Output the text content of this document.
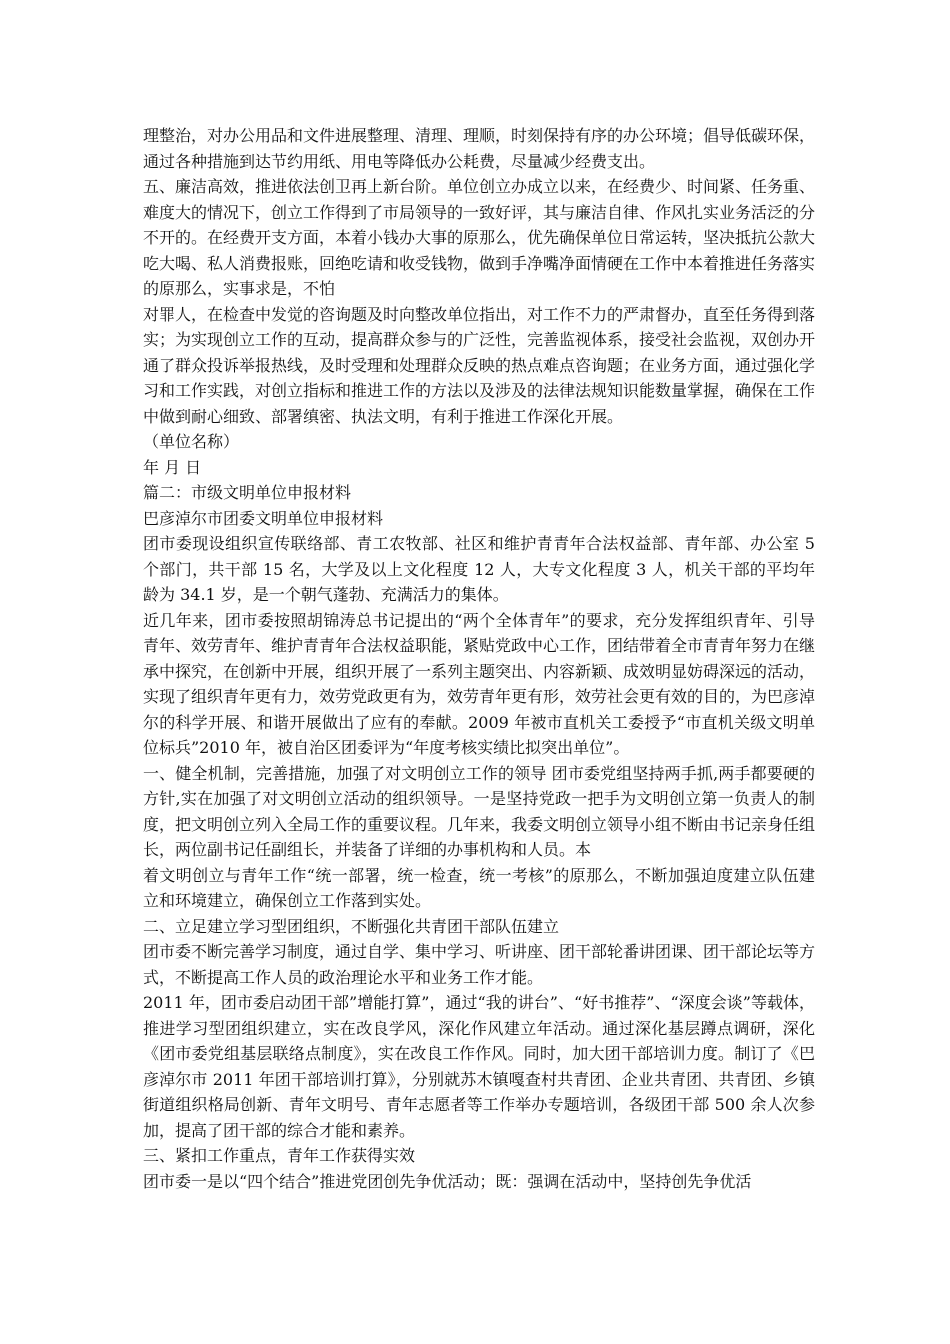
理整治，对办公用品和文件进展整理、清理、理顺，时刻保持有序的办公环境；倡导低碳环保，通过各种措施到达节约用纸、用电等降低办公耗费，尽量减少经费支出。

五、廉洁高效，推进依法创卫再上新台阶。单位创立办成立以来，在经费少、时间紧、任务重、难度大的情况下，创立工作得到了市局领导的一致好评，其与廉洁自律、作风扎实业务活泛的分不开的。在经费开支方面，本着小钱办大事的原那么，优先确保单位日常运转，坚决抵抗公款大吃大喝、私人消费报账，回绝吃请和收受钱物，做到手净嘴净面情硬在工作中本着推进任务落实的原那么，实事求是，不怕

对罪人，在检查中发觉的咨询题及时向整改单位指出，对工作不力的严肃督办，直至任务得到落实；为实现创立工作的互动，提高群众参与的广泛性，完善监视体系，接受社会监视，双创办开通了群众投诉举报热线，及时受理和处理群众反映的热点难点咨询题；在业务方面，通过强化学习和工作实践，对创立指标和推进工作的方法以及涉及的法律法规知识能数量掌握，确保在工作中做到耐心细致、部署缜密、执法文明，有利于推进工作深化开展。

（单位名称）

年 月 日

篇二：市级文明单位申报材料

巴彦淖尔市团委文明单位申报材料

团市委现设组织宣传联络部、青工农牧部、社区和维护青青年合法权益部、青年部、办公室 5 个部门，共干部 15 名，大学及以上文化程度 12 人，大专文化程度 3 人，机关干部的平均年龄为 34.1 岁，是一个朝气蓬勃、充满活力的集体。

近几年来，团市委按照胡锦涛总书记提出的“两个全体青年”的要求，充分发挥组织青年、引导青年、效劳青年、维护青青年合法权益职能，紧贴党政中心工作，团结带着全市青青年努力在继承中探究，在创新中开展，组织开展了一系列主题突出、内容新颖、成效明显妨碍深远的活动，实现了组织青年更有力，效劳党政更有为，效劳青年更有形，效劳社会更有效的目的，为巴彦淖尔的科学开展、和谐开展做出了应有的奉献。2009 年被市直机关工委授予“市直机关级文明单位标兵”2010 年，被自治区团委评为“年度考核实绩比拟突出单位”。

一、健全机制，完善措施，加强了对文明创立工作的领导 团市委党组坚持两手抓,两手都要硬的方针,实在加强了对文明创立活动的组织领导。一是坚持党政一把手为文明创立第一负责人的制度，把文明创立列入全局工作的重要议程。几年来，我委文明创立领导小组不断由书记亲身任组长，两位副书记任副组长，并装备了详细的办事机构和人员。本

着文明创立与青年工作“统一部署，统一检查，统一考核”的原那么，不断加强迫度建立队伍建立和环境建立，确保创立工作落到实处。

二、立足建立学习型团组织，不断强化共青团干部队伍建立

团市委不断完善学习制度，通过自学、集中学习、听讲座、团干部轮番讲团课、团干部论坛等方式，不断提高工作人员的政治理论水平和业务工作才能。

2011 年，团市委启动团干部”增能打算”，通过“我的讲台”、“好书推荐”、“深度会谈”等载体，推进学习型团组织建立，实在改良学风，深化作风建立年活动。通过深化基层蹲点调研，深化《团市委党组基层联络点制度》，实在改良工作作风。同时，加大团干部培训力度。制订了《巴彦淖尔市 2011 年团干部培训打算》，分别就苏木镇嘎查村共青团、企业共青团、共青团、乡镇街道组织格局创新、青年文明号、青年志愿者等工作举办专题培训，各级团干部 500 余人次参加，提高了团干部的综合才能和素养。

三、紧扣工作重点，青年工作获得实效

团市委一是以“四个结合”推进党团创先争优活动；既：强调在活动中，坚持创先争优活
